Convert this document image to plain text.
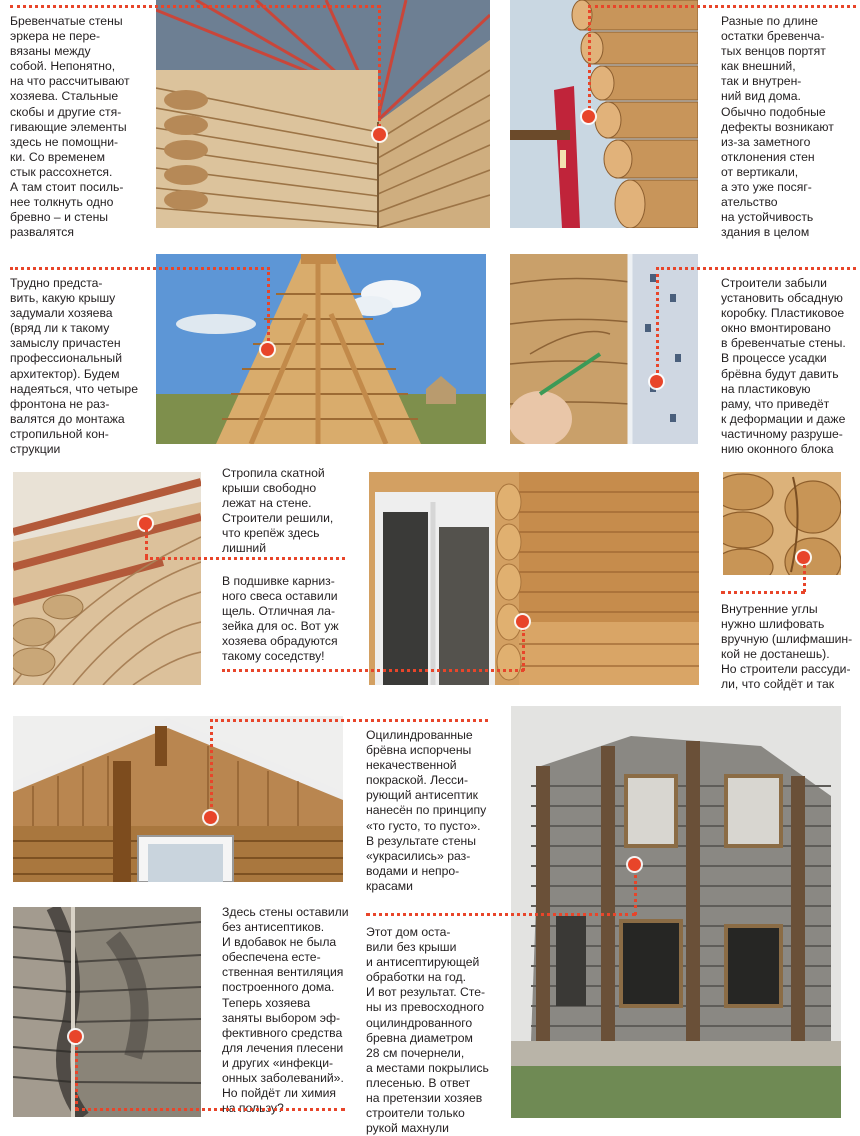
Бревенчатые стены
эркера не пере-
вязаны между
собой. Непонятно,
на что рассчитывают
хозяева. Стальные
скобы и другие стя-
гивающие элементы
здесь не помощни-
ки. Со временем
стык рассохнется.
А там стоит посиль-
нее толкнуть одно
бревно – и стены
развалятся

Разные по длине
остатки бревенча-
тых венцов портят
как внешний,
так и внутрен-
ний вид дома.
Обычно подобные
дефекты возникают
из-за заметного
отклонения стен
от вертикали,
а это уже посяг-
ательство
на устойчивость
здания в целом

Трудно предста-
вить, какую крышу
задумали хозяева
(вряд ли к такому
замыслу причастен
профессиональный
архитектор). Будем
надеяться, что четыре
фронтона не раз-
валятся до монтажа
стропильной кон-
струкции

Строители забыли
установить обсадную
коробку. Пластиковое
окно вмонтировано
в бревенчатые стены.
В процессе усадки
брёвна будут давить
на пластиковую
раму, что приведёт
к деформации и даже
частичному разруше-
нию оконного блока

Стропила скатной
крыши свободно
лежат на стене.
Строители решили,
что крепёж здесь
лишний

В подшивке карниз-
ного свеса оставили
щель. Отличная ла-
зейка для ос. Вот уж
хозяева обрадуются
такому соседству!

Внутренние углы
нужно шлифовать
вручную (шлифмашин-
кой не достанешь).
Но строители рассуди-
ли, что сойдёт и так

Оцилиндрованные
брёвна испорчены
некачественной
покраской. Лесси-
рующий антисептик
нанесён по принципу
«то густо, то пусто».
В результате стены
«украсились» раз-
водами и непро-
красами

Здесь стены оставили
без антисептиков.
И вдобавок не была
обеспечена есте-
ственная вентиляция
построенного дома.
Теперь хозяева
заняты выбором эф-
фективного средства
для лечения плесени
и других «инфекци-
онных заболеваний».
Но пойдёт ли химия
на пользу?

Этот дом оста-
вили без крыши
и антисептирующей
обработки на год.
И вот результат. Сте-
ны из превосходного
оцилиндрованного
бревна диаметром
28 см почернели,
а местами покрылись
плесенью. В ответ
на претензии хозяев
строители только
рукой махнули
